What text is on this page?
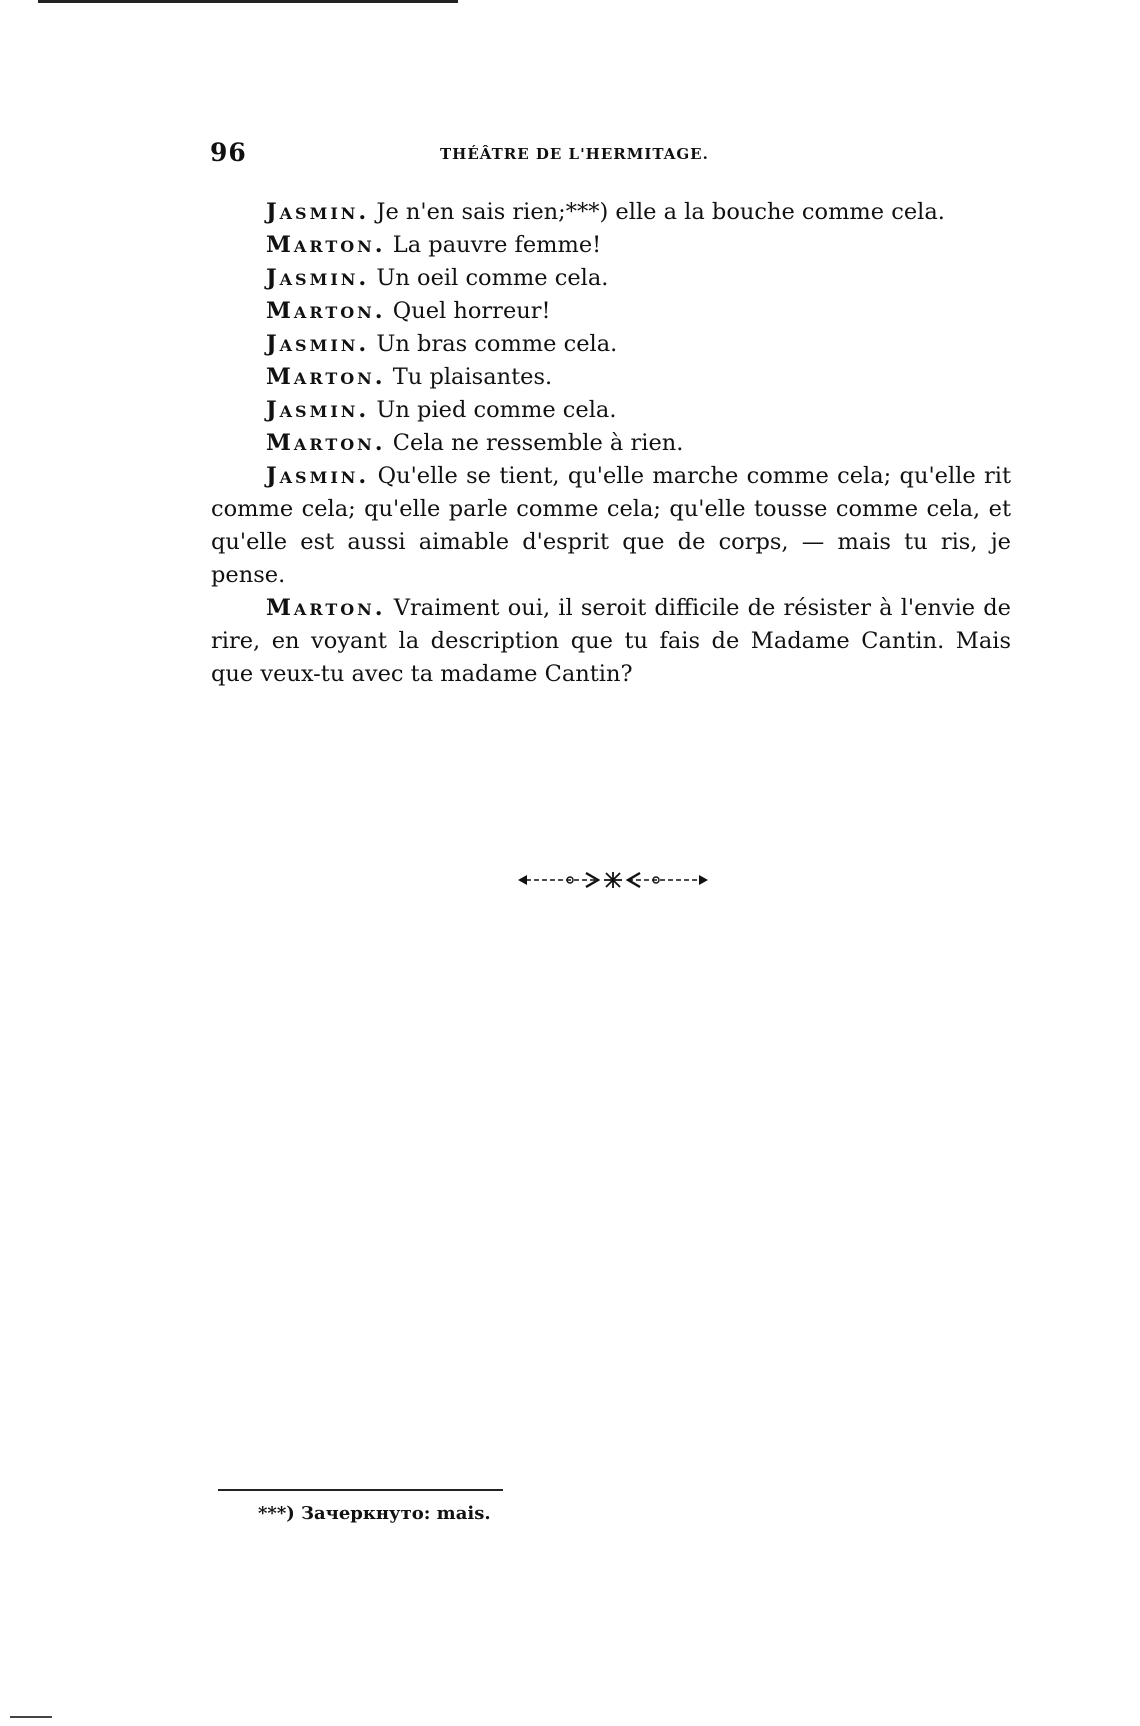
96	THÉÂTRE DE L'HERMITAGE.
Jasmin. Je n'en sais rien;***) elle a la bouche comme cela.
Marton. La pauvre femme!
Jasmin. Un oeil comme cela.
Marton. Quel horreur!
Jasmin. Un bras comme cela.
Marton. Tu plaisantes.
Jasmin. Un pied comme cela.
Marton. Cela ne ressemble à rien.

Jasmin. Qu'elle se tient, qu'elle marche comme cela; qu'elle rit comme cela; qu'elle parle comme cela; qu'elle tousse comme cela, et qu'elle est aussi aimable d'esprit que de corps, — mais tu ris, je pense.

Marton. Vraiment oui, il seroit difficile de résister à l'envie de rire, en voyant la description que tu fais de Madame Cantin. Mais que veux-tu avec ta madame Cantin?

***) Зачеркнуто: mais.
